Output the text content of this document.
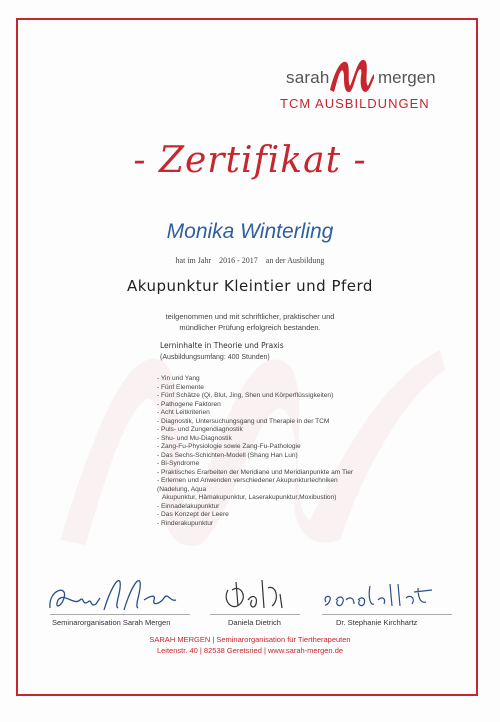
sarah	mergen
TCM AUSBILDUNGEN
- Zertifikat -
Monika Winterling
hat im Jahr 2016 - 2017 an der Ausbildung
Akupunktur Kleintier und Pferd
teilgenommen und mit schriftlicher, praktischer und
mündlicher Prüfung erfolgreich bestanden.
Lerninhalte in Theorie und Praxis
(Ausbildungsumfang: 400 Stunden)
- Yin und Yang
- Fünf Elemente
- Fünf Schätze (Qi, Blut, Jing, Shen und Körperflüssigkeiten)
- Pathogene Faktoren
- Acht Leitkriterien
- Diagnostik, Untersuchungsgang und Therapie in der TCM
- Puls- und Zungendiagnostik
- Shu- und Mu-Diagnostik
- Zang-Fu-Physiologie sowie Zang-Fu-Pathologie
- Das Sechs-Schichten-Modell (Shang Han Lun)
- Bi-Syndrome
- Praktisches Erarbeiten der Meridiane und Meridianpunkte am Tier
- Erlernen und Anwenden verschiedener Akupunkturtechniken (Nadelung, Aqua
Akupunktur, Hämakupunktur, Laserakupunktur,Moxibustion)
- Einnadelakupunktur
- Das Konzept der Leere
- Rinderakupunktur
Seminarorganisation Sarah Mergen	Daniela Dietrich	Dr. Stephanie Kirchhartz
SARAH MERGEN | Seminarorganisation für Tiertherapeuten
Leitenstr. 40 | 82538 Geretsried | www.sarah-mergen.de
